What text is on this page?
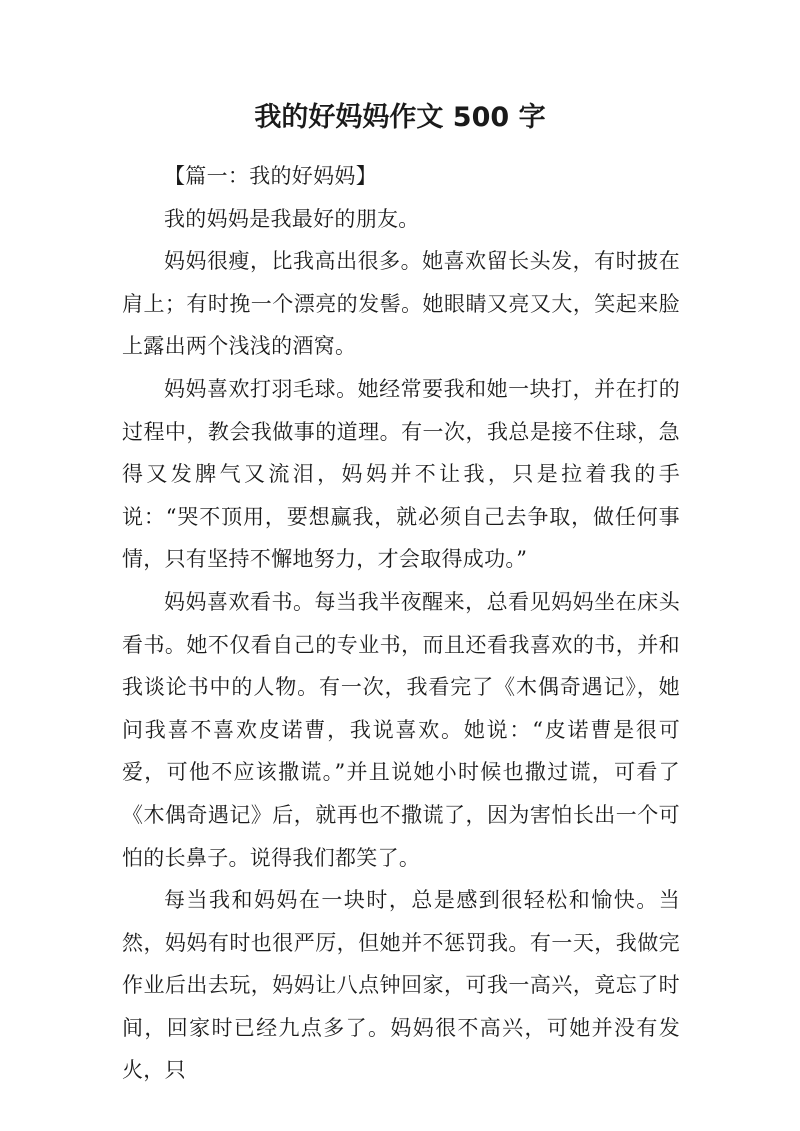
我的好妈妈作文 500 字

【篇一：我的好妈妈】

我的妈妈是我最好的朋友。

妈妈很瘦，比我高出很多。她喜欢留长头发，有时披在肩上；有时挽一个漂亮的发髻。她眼睛又亮又大，笑起来脸上露出两个浅浅的酒窝。

妈妈喜欢打羽毛球。她经常要我和她一块打，并在打的过程中，教会我做事的道理。有一次，我总是接不住球，急得又发脾气又流泪，妈妈并不让我，只是拉着我的手说：“哭不顶用，要想赢我，就必须自己去争取，做任何事情，只有坚持不懈地努力，才会取得成功。”

妈妈喜欢看书。每当我半夜醒来，总看见妈妈坐在床头看书。她不仅看自己的专业书，而且还看我喜欢的书，并和我谈论书中的人物。有一次，我看完了《木偶奇遇记》，她问我喜不喜欢皮诺曹，我说喜欢。她说：“皮诺曹是很可爱，可他不应该撒谎。”并且说她小时候也撒过谎，可看了《木偶奇遇记》后，就再也不撒谎了，因为害怕长出一个可怕的长鼻子。说得我们都笑了。

每当我和妈妈在一块时，总是感到很轻松和愉快。当然，妈妈有时也很严厉，但她并不惩罚我。有一天，我做完作业后出去玩，妈妈让八点钟回家，可我一高兴，竟忘了时间，回家时已经九点多了。妈妈很不高兴，可她并没有发火，只
